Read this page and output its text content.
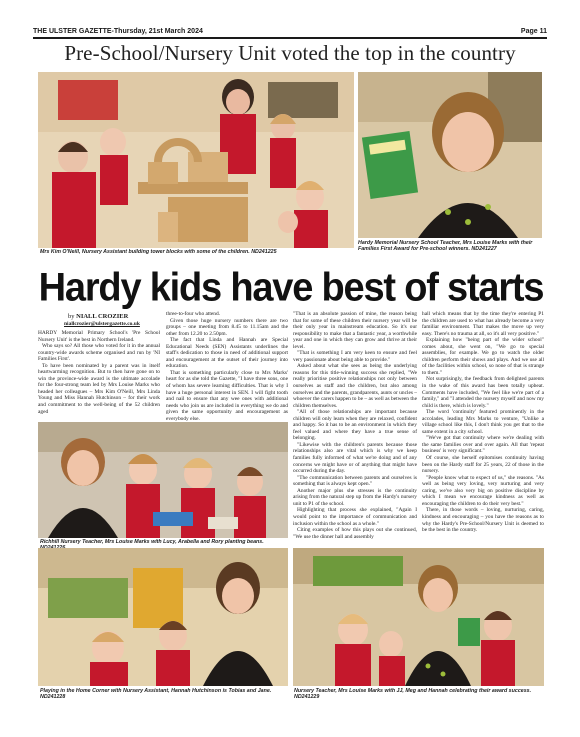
THE ULSTER GAZETTE-Thursday, 21st March 2024	Page 11
Pre-School/Nursery Unit voted the top in the country
Mrs Kim O'Neill, Nursery Assistant building tower blocks with some of the children. ND241225
Hardy Memorial Nursery School Teacher, Mrs Louise Marks with their Families First Award for Pre-school winners. ND241227
Hardy kids have best of starts
by NIALL CROZIER
niallcrozier@ulstergazette.co.uk

HARDY Memorial Primary School's 'Pre School Nursery Unit' is the best in Northern Ireland.

Who says so? All those who voted for it in the annual country-wide awards scheme organised and run by 'NI Families First'.

To have been nominated by a parent was in itself heartwarming recognition. But to then have gone on to win the province-wide award is the ultimate accolade for the four-strong team led by Mrs Louise Marks who headed her colleagues – Mrs Kim O'Neill, Mrs Linda Young and Miss Hannah Hutchinson – for their work and commitment to the well-being of the 52 children aged

three-to-four who attend.

Given those huge nursery numbers there are two groups – one meeting from 8.45 to 11.15am and the other from 12.20 to 2.50pm.

The fact that Linda and Hannah are Special Educational Needs (SEN) Assistants underlines the staff's dedication to those in need of additional support and encouragement at the outset of their journey into education.

That is something particularly close to Mrs Marks' heart for as she told the Gazette, "I have three sons, one of whom has severe learning difficulties. That is why I have a huge personal interest in SEN. I will fight tooth and nail to ensure that any wee ones with additional needs who join us are included in everything we do and given the same opportunity and encouragement as everybody else.

Richhill Nursery Teacher, Mrs Louise Marks with Lucy, Arabella and Rory planting beans.

"That is an absolute passion of mine, the reason being that for some of these children their nursery year will be their only year in mainstream education. So it's our responsibility to make that a fantastic year, a worthwhile year and one in which they can grow and thrive at their level.

"That is something I am very keen to ensure and feel very passionate about being able to provide."

Asked about what she sees as being the underlying reasons for this title-winning success she replied, "We really prioritise positive relationships not only between ourselves as staff and the children, but also among ourselves and the parents, grandparents, aunts or uncles – whoever the carers happen to be – as well as between the children themselves.

"All of those relationships are important because children will only learn when they are relaxed, confident and happy. So it has to be an environment in which they feel valued and where they have a true sense of belonging.

"Likewise with the children's parents because those relationships also are vital which is why we keep families fully informed of what we're doing and of any concerns we might have or of anything that might have occurred during the day.

"The communication between parents and ourselves is something that is always kept open."

Another major plus she stresses is the continuity arising from the natural step up from the Hardy's nursery unit to P1 of the school.

Highlighting that process she explained, "Again I would point to the importance of communication and inclusion within the school as a whole."

Citing examples of how this plays out she continued, "We use the dinner hall and assembly

hall which means that by the time they're entering P1 the children are used to what has already become a very familiar environment. That makes the move up very easy. There's no trauma at all, so it's all very positive."

Explaining how "being part of the wider school" comes about, she went on, "We go to special assemblies, for example. We go to watch the older children perform their shows and plays. And we use all of the facilities within school, so none of that is strange to them."

Not surprisingly, the feedback from delighted parents in the wake of this award has been totally upbeat. Comments have included, "We feel like we're part of a family," and "I attended the nursery myself and now my child is there, which is lovely."

The word 'continuity' featured prominently in the accolades, leading Mrs Marks to venture, "Unlike a village school like this, I don't think you get that to the same extent in a city school.

"We've got that continuity where we're dealing with the same families over and over again. All that 'repeat business' is very significant."

Of course, she herself epitomises continuity having been on the Hardy staff for 25 years, 22 of those in the nursery.

"People know what to expect of us," she reasons. "As well as being very loving, very nurturing and very caring, we've also very big on positive discipline by which I mean we encourage kindness as well as encouraging the children to do their very best."

There, in those words – loving, nurturing, caring, kindness and encouraging – you have the reasons as to why the Hardy's Pre-School/Nursery Unit is deemed to be the best in the country.

Playing in the Home Corner with Nursery Assistant, Hannah Hutchinson is Tobias and Jane. ND241228
Nursery Teacher, Mrs Louise Marks with JJ, Meg and Hannah celebrating their award success. ND241229
